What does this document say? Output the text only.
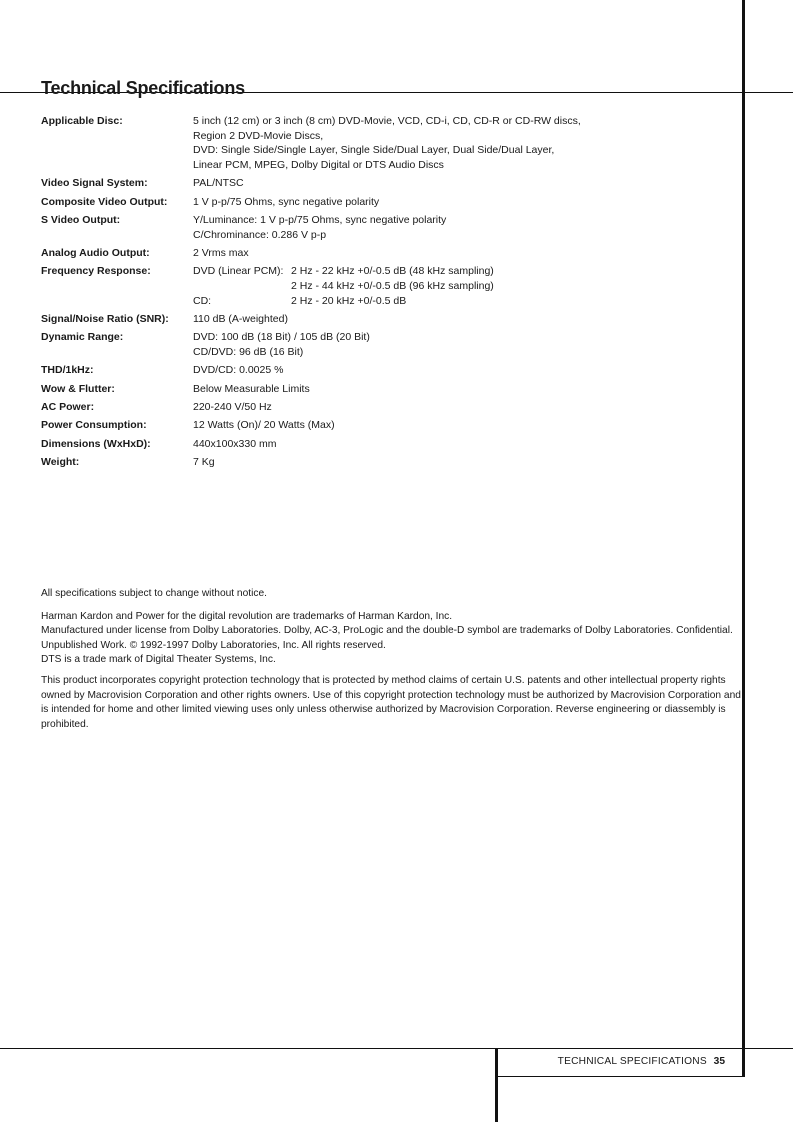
Technical Specifications
Applicable Disc:	5 inch (12 cm) or 3 inch (8 cm) DVD-Movie, VCD, CD-i, CD, CD-R or CD-RW discs,
Region 2 DVD-Movie Discs,
DVD: Single Side/Single Layer, Single Side/Dual Layer, Dual Side/Dual Layer,
Linear PCM, MPEG, Dolby Digital or DTS Audio Discs
Video Signal System:	PAL/NTSC
Composite Video Output:	1 V p-p/75 Ohms, sync negative polarity
S Video Output:	Y/Luminance: 1 V p-p/75 Ohms, sync negative polarity
C/Chrominance: 0.286 V p-p
Analog Audio Output:	2 Vrms max
Frequency Response:	DVD (Linear PCM): 2 Hz - 22 kHz +0/-0.5 dB (48 kHz sampling)
2 Hz - 44 kHz +0/-0.5 dB (96 kHz sampling)
CD:	2 Hz - 20 kHz +0/-0.5 dB
Signal/Noise Ratio (SNR):	110 dB (A-weighted)
Dynamic Range:	DVD: 100 dB (18 Bit) / 105 dB (20 Bit)
CD/DVD: 96 dB (16 Bit)
THD/1kHz:	DVD/CD: 0.0025 %
Wow & Flutter:	Below Measurable Limits
AC Power:	220-240 V/50 Hz
Power Consumption:	12 Watts (On)/ 20 Watts (Max)
Dimensions (WxHxD):	440x100x330 mm
Weight:	7 Kg
All specifications subject to change without notice.
Harman Kardon and Power for the digital revolution are trademarks of Harman Kardon, Inc.
Manufactured under license from Dolby Laboratories. Dolby, AC-3, ProLogic and the double-D symbol are trademarks of Dolby Laboratories. Confidential.
Unpublished Work. © 1992-1997 Dolby Laboratories, Inc. All rights reserved.
DTS is a trade mark of Digital Theater Systems, Inc.
This product incorporates copyright protection technology that is protected by method claims of certain U.S. patents and other intellectual property rights
owned by Macrovision Corporation and other rights owners. Use of this copyright protection technology must be authorized by Macrovision Corporation and
is intended for home and other limited viewing uses only unless otherwise authorized by Macrovision Corporation. Reverse engineering or diassembly is
prohibited.
TECHNICAL SPECIFICATIONS 35
